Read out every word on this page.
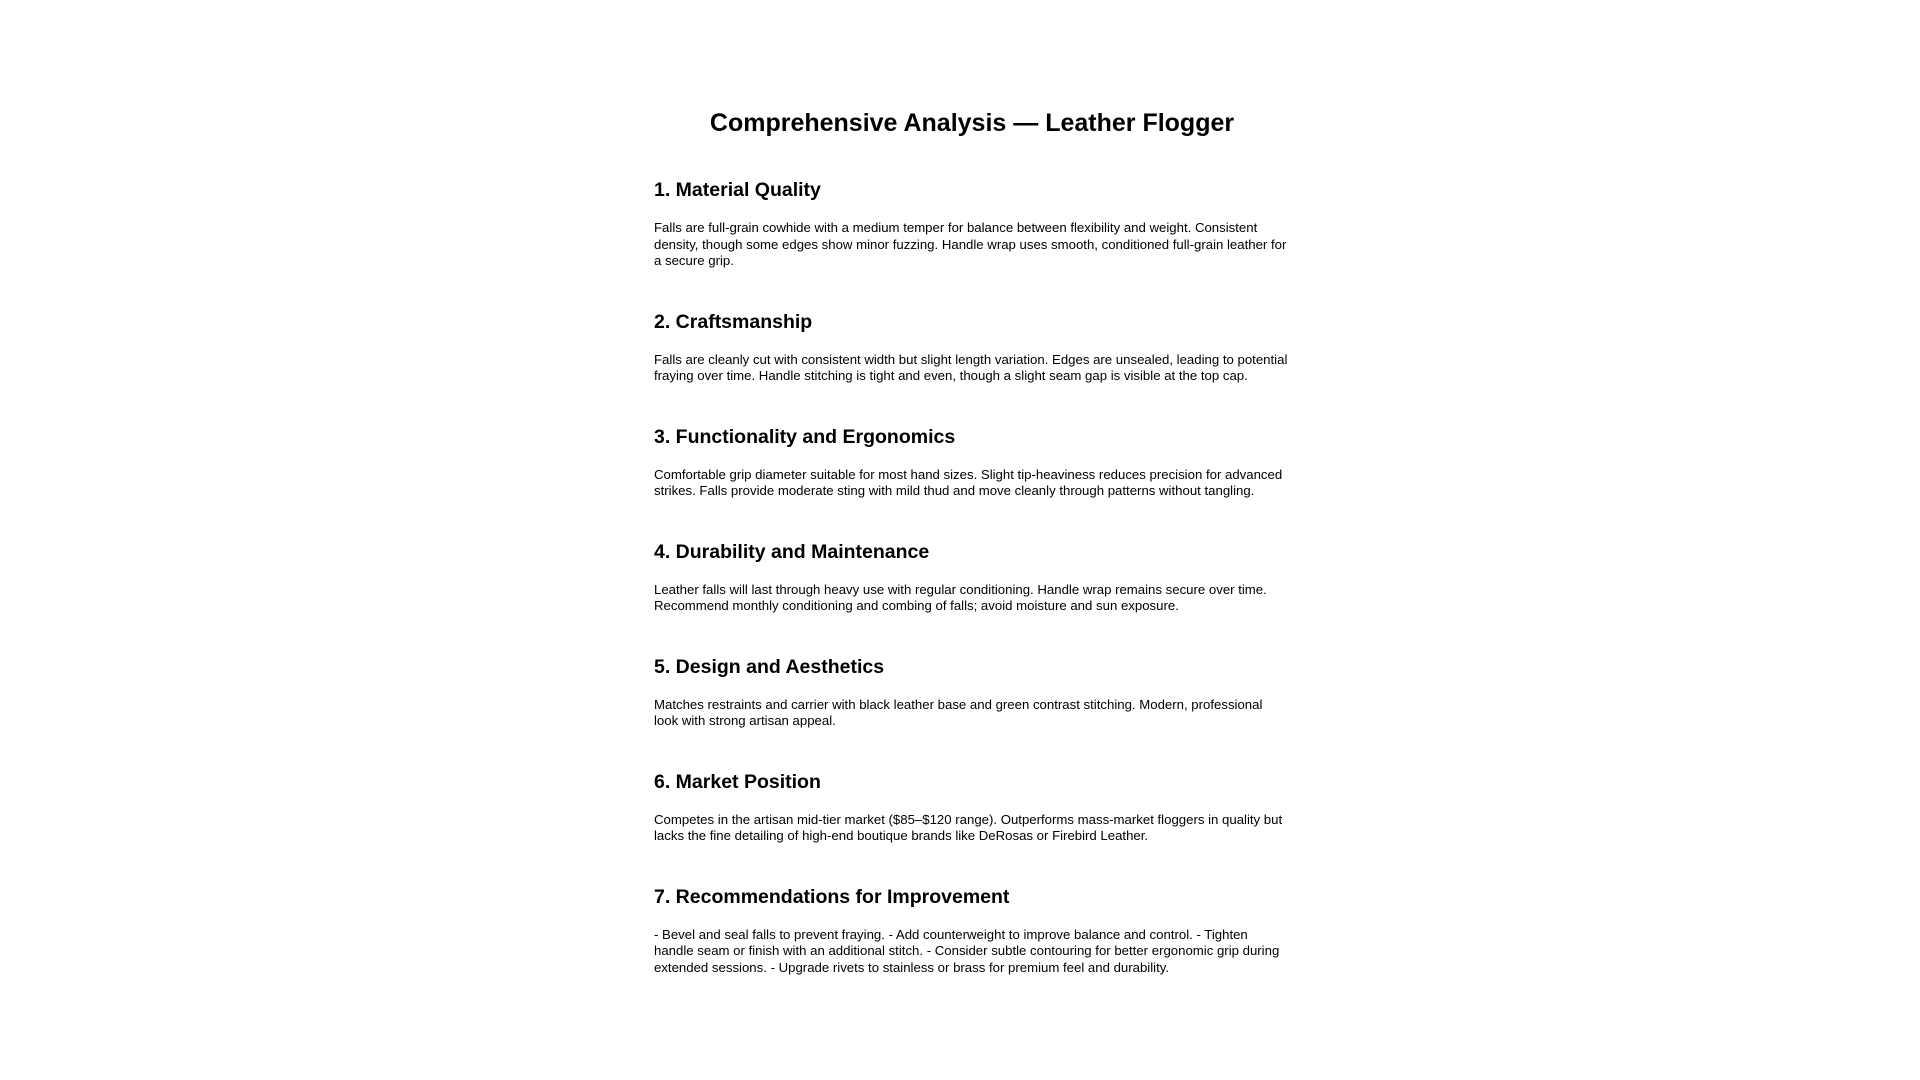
Comprehensive Analysis — Leather Flogger
1. Material Quality

Falls are full-grain cowhide with a medium temper for balance between flexibility and weight. Consistent density, though some edges show minor fuzzing. Handle wrap uses smooth, conditioned full-grain leather for a secure grip.

2. Craftsmanship

Falls are cleanly cut with consistent width but slight length variation. Edges are unsealed, leading to potential fraying over time. Handle stitching is tight and even, though a slight seam gap is visible at the top cap.

3. Functionality and Ergonomics

Comfortable grip diameter suitable for most hand sizes. Slight tip-heaviness reduces precision for advanced strikes. Falls provide moderate sting with mild thud and move cleanly through patterns without tangling.

4. Durability and Maintenance

Leather falls will last through heavy use with regular conditioning. Handle wrap remains secure over time. Recommend monthly conditioning and combing of falls; avoid moisture and sun exposure.

5. Design and Aesthetics

Matches restraints and carrier with black leather base and green contrast stitching. Modern, professional look with strong artisan appeal.

6. Market Position

Competes in the artisan mid-tier market ($85–$120 range). Outperforms mass-market floggers in quality but lacks the fine detailing of high-end boutique brands like DeRosas or Firebird Leather.

7. Recommendations for Improvement

- Bevel and seal falls to prevent fraying. - Add counterweight to improve balance and control. - Tighten handle seam or finish with an additional stitch. - Consider subtle contouring for better ergonomic grip during extended sessions. - Upgrade rivets to stainless or brass for premium feel and durability.
